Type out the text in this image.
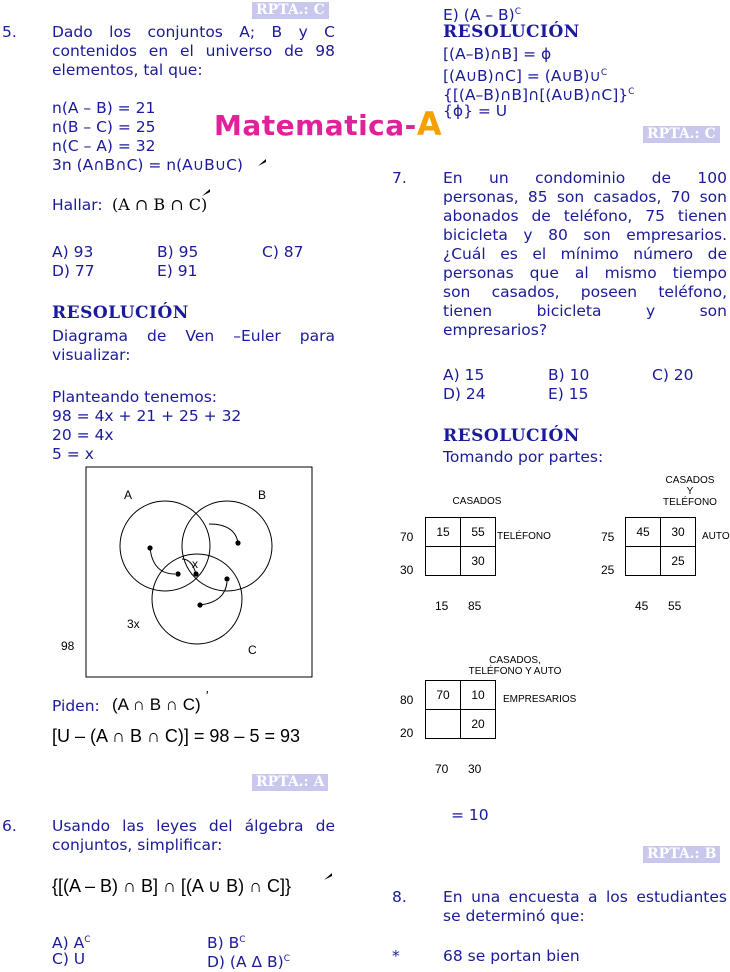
RPTA.: C
5. Dado los conjuntos A; B y C
contenidos en el universo de 98
elementos, tal que:
n(A – B) = 21
n(B – C) = 25
n(C – A) = 32
3n (A∩B∩C) = n(A∪B∪C)
Matematica-A
Hallar: (A ∩ B ∩ C)
A) 93	B) 95	C) 87
D) 77	E) 91
RESOLUCIÓN
Diagrama de Ven –Euler para
visualizar:
Planteando tenemos:
98 = 4x + 21 + 25 + 32
20 = 4x
5 = x
A	B
x
3x
98	C
Piden: (A ∩ B ∩ C) ′
[U – (A ∩ B ∩ C)] = 98 – 5 = 93
RPTA.: A
6. Usando las leyes del álgebra de
conjuntos, simplificar:
{[(A – B) ∩ B] ∩ [(A ∪ B) ∩ C]}
A) $A^C$	B) $B^C$
C) U	D) (A Δ B)$^C$
E) (A – B)$^C$
RESOLUCIÓN
[(A–B)∩B] = ϕ
[(A∪B)∩C] = (A∪B)∪$^C$
{[(A–B)∩B]∩[(A∪B)∩C]}$^C$
{ϕ} = U
RPTA.: C
7. En un condominio de 100
personas, 85 son casados, 70 son
abonados de teléfono, 75 tienen
bicicleta y 80 son empresarios.
¿Cuál es el mínimo número de
personas que al mismo tiempo
son casados, poseen teléfono,
tienen bicicleta y son
empresarios?
A) 15	B) 10	C) 20
D) 24	E) 15
RESOLUCIÓN
Tomando por partes:
CASADOS
70
30
15	55
	30
TELÉFONO
15 85
CASADOS
Y
TELÉFONO
75
25
45	30
	25
AUTO
45 55
CASADOS,
TELÉFONO Y AUTO
80
20
70	10
	20
EMPRESARIOS
70 30
= 10
RPTA.: B
8. En una encuesta a los estudiantes
se determinó que:
*	68 se portan bien
